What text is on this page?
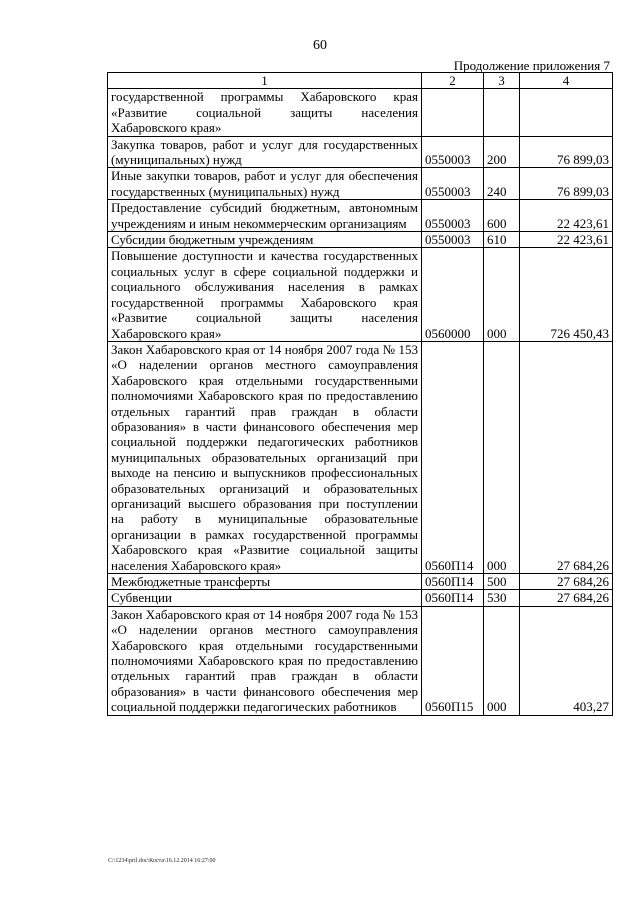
60
Продолжение приложения 7
1	2	3	4
государственной программы Хабаровского края «Развитие социальной защиты населения Хабаровского края»			
Закупка товаров, работ и услуг для государственных (муниципальных) нужд	0550003	200	76 899,03
Иные закупки товаров, работ и услуг для обеспечения государственных (муниципальных) нужд	0550003	240	76 899,03
Предоставление субсидий бюджетным, автономным учреждениям и иным некоммерческим организациям	0550003	600	22 423,61
Субсидии бюджетным учреждениям	0550003	610	22 423,61
Повышение доступности и качества государственных социальных услуг в сфере социальной поддержки и социального обслуживания населения в рамках государственной программы Хабаровского края «Развитие социальной защиты населения Хабаровского края»	0560000	000	726 450,43
Закон Хабаровского края от 14 ноября 2007 года № 153 «О наделении органов местного самоуправления Хабаровского края отдельными государственными полномочиями Хабаровского края по предоставлению отдельных гарантий прав граждан в области образования» в части финансового обеспечения мер социальной поддержки педагогических работников муниципальных образовательных организаций при выходе на пенсию и выпускников профессиональных образовательных организаций и образовательных организаций высшего образования при поступлении на работу в муниципальные образовательные организации в рамках государственной программы Хабаровского края «Развитие социальной защиты населения Хабаровского края»	0560П14	000	27 684,26
Межбюджетные трансферты	0560П14	500	27 684,26
Субвенции	0560П14	530	27 684,26
Закон Хабаровского края от 14 ноября 2007 года № 153 «О наделении органов местного самоуправления Хабаровского края отдельными государственными полномочиями Хабаровского края по предоставлению отдельных гарантий прав граждан в области образования» в части финансового обеспечения мер социальной поддержки педагогических работников	0560П15	000	403,27
C:\1234\pril.doc\Коста\16.12.2014 16:27:00
